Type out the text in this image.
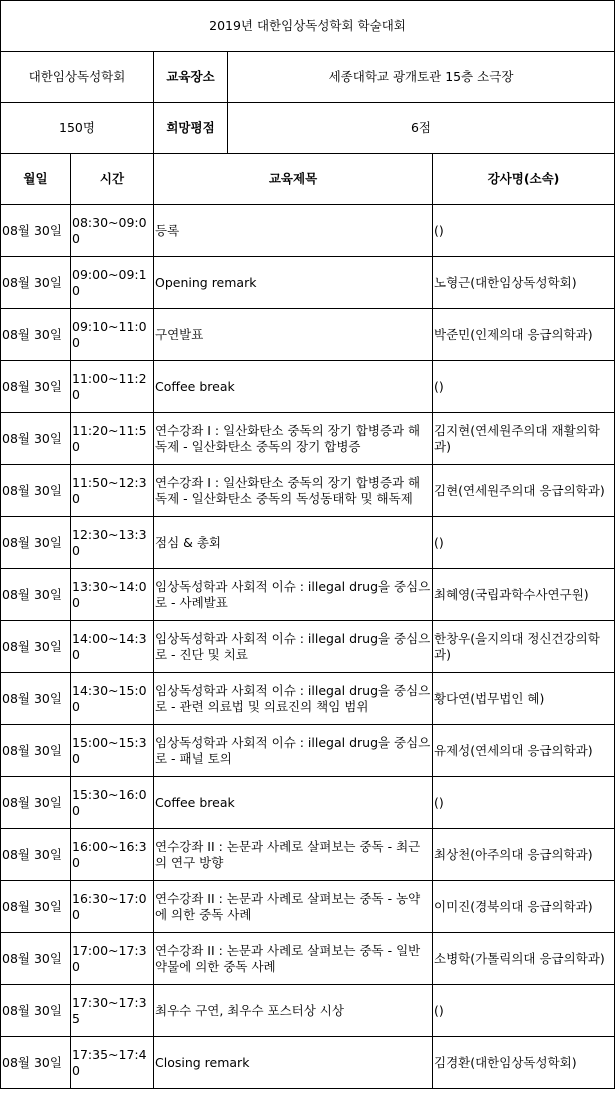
2019년 대한임상독성학회 학술대회				
대한임상독성학회		교육장소	세종대학교 광개토관 15층 소극장	
150명		희망평점	6점	
월일	시간	교육제목		강사명(소속)
08월 30일	08:30~09:00	등록		()
08월 30일	09:00~09:10	Opening remark		노형근(대한임상독성학회)
08월 30일	09:10~11:00	구연발표		박준민(인제의대 응급의학과)
08월 30일	11:00~11:20	Coffee break		()
08월 30일	11:20~11:50	연수강좌 I : 일산화탄소 중독의 장기 합병증과 해독제 - 일산화탄소 중독의 장기 합병증		김지현(연세원주의대 재활의학과)
08월 30일	11:50~12:30	연수강좌 I : 일산화탄소 중독의 장기 합병증과 해독제 - 일산화탄소 중독의 독성동태학 및 해독제		김현(연세원주의대 응급의학과)
08월 30일	12:30~13:30	점심 & 총회		()
08월 30일	13:30~14:00	임상독성학과 사회적 이슈 : illegal drug을 중심으로 - 사례발표		최혜영(국립과학수사연구원)
08월 30일	14:00~14:30	임상독성학과 사회적 이슈 : illegal drug을 중심으로 - 진단 및 치료		한창우(을지의대 정신건강의학과)
08월 30일	14:30~15:00	임상독성학과 사회적 이슈 : illegal drug을 중심으로 - 관련 의료법 및 의료진의 책임 범위		황다연(법무법인 혜)
08월 30일	15:00~15:30	임상독성학과 사회적 이슈 : illegal drug을 중심으로 - 패널 토의		유제성(연세의대 응급의학과)
08월 30일	15:30~16:00	Coffee break		()
08월 30일	16:00~16:30	연수강좌 II : 논문과 사례로 살펴보는 중독 - 최근의 연구 방향		최상천(아주의대 응급의학과)
08월 30일	16:30~17:00	연수강좌 II : 논문과 사례로 살펴보는 중독 - 농약에 의한 중독 사례		이미진(경북의대 응급의학과)
08월 30일	17:00~17:30	연수강좌 II : 논문과 사례로 살펴보는 중독 - 일반약물에 의한 중독 사례		소병학(가톨릭의대 응급의학과)
08월 30일	17:30~17:35	최우수 구연, 최우수 포스터상 시상		()
08월 30일	17:35~17:40	Closing remark		김경환(대한임상독성학회)
